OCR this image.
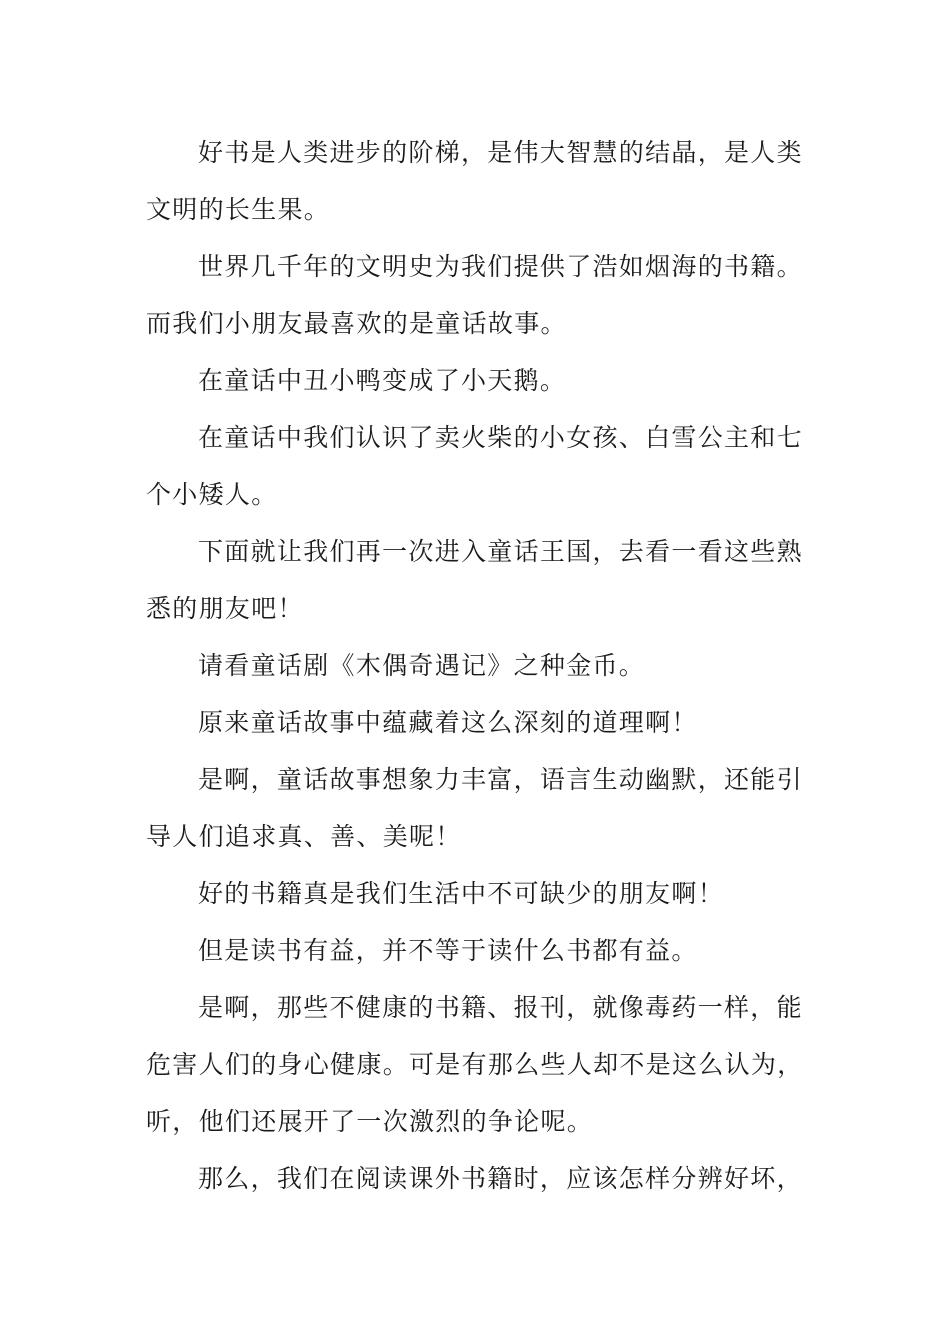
好书是人类进步的阶梯，是伟大智慧的结晶，是人类文明的长生果。

世界几千年的文明史为我们提供了浩如烟海的书籍。而我们小朋友最喜欢的是童话故事。

在童话中丑小鸭变成了小天鹅。

在童话中我们认识了卖火柴的小女孩、白雪公主和七个小矮人。

下面就让我们再一次进入童话王国，去看一看这些熟悉的朋友吧！

请看童话剧《木偶奇遇记》之种金币。

原来童话故事中蕴藏着这么深刻的道理啊！

是啊，童话故事想象力丰富，语言生动幽默，还能引导人们追求真、善、美呢！

好的书籍真是我们生活中不可缺少的朋友啊！

但是读书有益，并不等于读什么书都有益。

是啊，那些不健康的书籍、报刊，就像毒药一样，能危害人们的身心健康。可是有那么些人却不是这么认为，听，他们还展开了一次激烈的争论呢。

那么，我们在阅读课外书籍时，应该怎样分辨好坏，
